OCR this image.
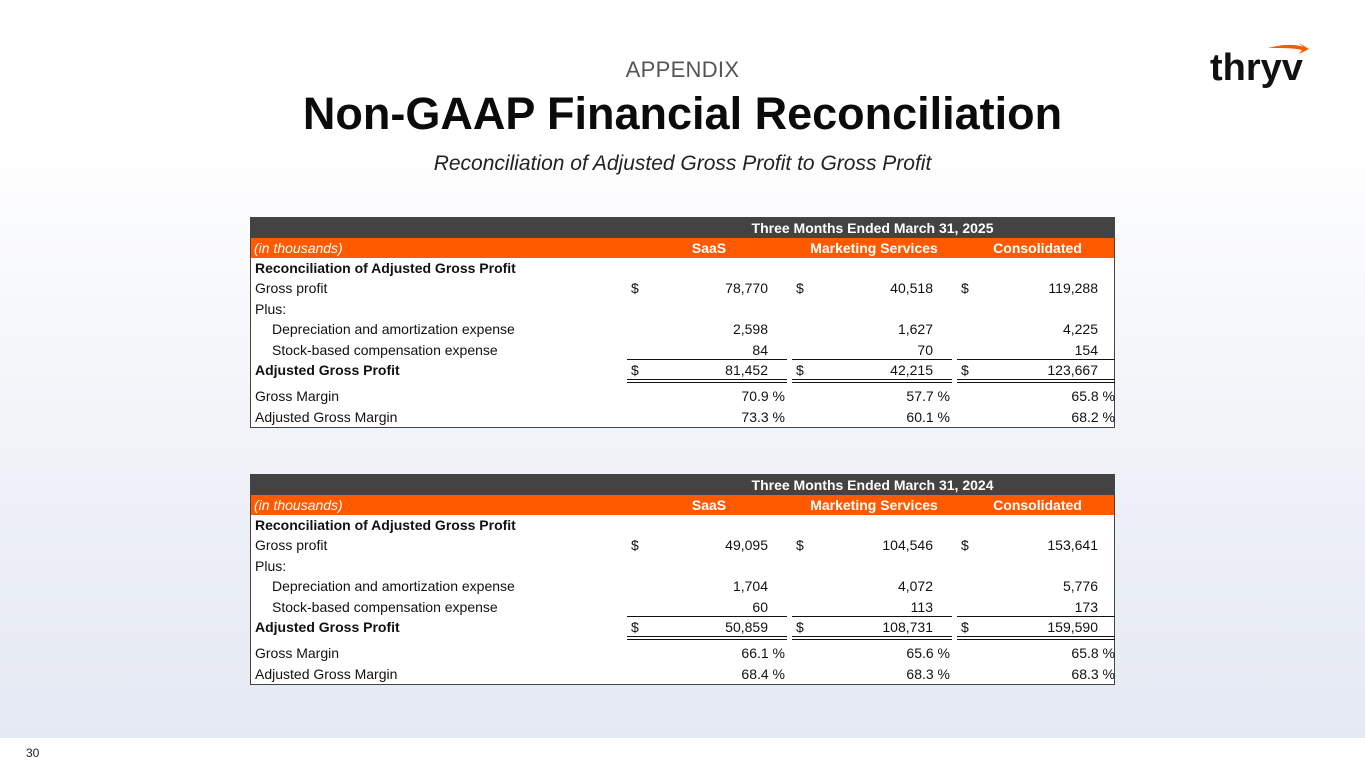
APPENDIX
Non-GAAP Financial Reconciliation
Reconciliation of Adjusted Gross Profit to Gross Profit
thryv
Three Months Ended March 31, 2025
(in thousands)	SaaS	Marketing Services	Consolidated
Reconciliation of Adjusted Gross Profit
Gross profit	$	78,770 $	40,518 $	119,288
Plus:
Depreciation and amortization expense	2,598	1,627	4,225
Stock-based compensation expense	84	70	154
Adjusted Gross Profit	$	81,452 $	42,215 $	123,667
Gross Margin	70.9 %	57.7 %	65.8 %
Adjusted Gross Margin	73.3 %	60.1 %	68.2 %
Three Months Ended March 31, 2024
(in thousands)	SaaS	Marketing Services	Consolidated
Reconciliation of Adjusted Gross Profit
Gross profit	$	49,095 $	104,546 $	153,641
Plus:
Depreciation and amortization expense	1,704	4,072	5,776
Stock-based compensation expense	60	113	173
Adjusted Gross Profit	$	50,859 $	108,731 $	159,590
Gross Margin	66.1 %	65.6 %	65.8 %
Adjusted Gross Margin	68.4 %	68.3 %	68.3 %
30
